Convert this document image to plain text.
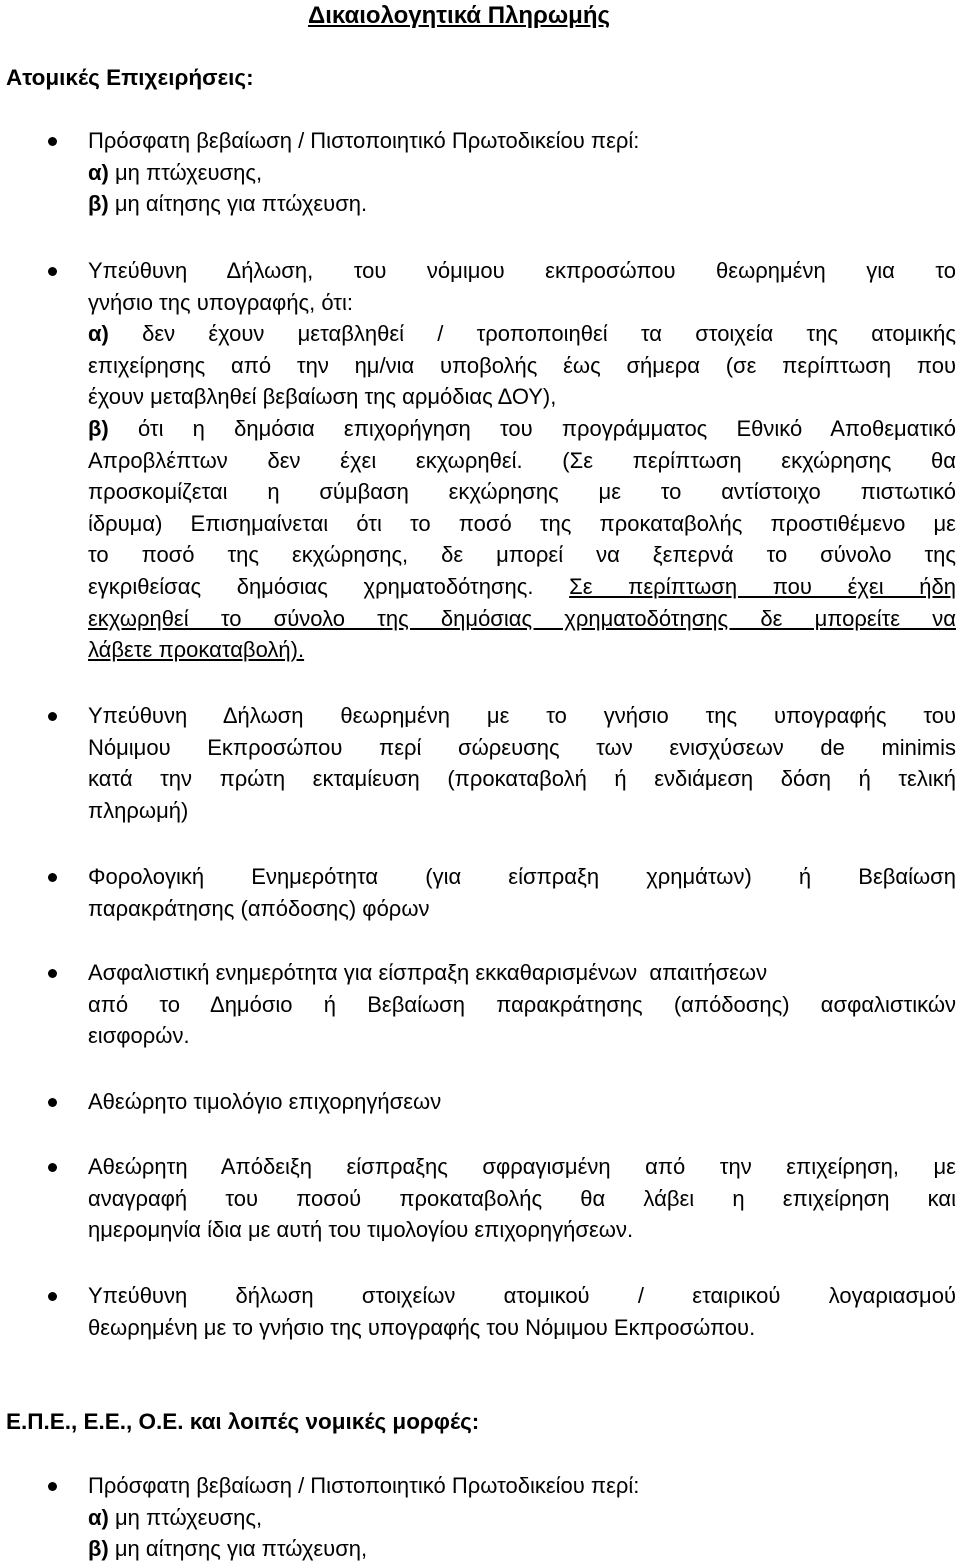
Δικαιολογητικά Πληρωμής
Ατομικές Επιχειρήσεις:
Πρόσφατη βεβαίωση / Πιστοποιητικό Πρωτοδικείου περί:
α) μη πτώχευσης,
β) μη αίτησης για πτώχευση.
Υπεύθυνη Δήλωση, του νόμιμου εκπροσώπου θεωρημένη για το
γνήσιο της υπογραφής, ότι:
α) δεν έχουν μεταβληθεί / τροποποιηθεί τα στοιχεία της ατομικής
επιχείρησης από την ημ/νια υποβολής έως σήμερα (σε περίπτωση που
έχουν μεταβληθεί βεβαίωση της αρμόδιας ΔΟΥ),
β) ότι η δημόσια επιχορήγηση του προγράμματος Εθνικό Αποθεματικό
Απροβλέπτων δεν έχει εκχωρηθεί. (Σε περίπτωση εκχώρησης θα
προσκομίζεται η σύμβαση εκχώρησης με το αντίστοιχο πιστωτικό
ίδρυμα) Επισημαίνεται ότι το ποσό της προκαταβολής προστιθέμενο με
το ποσό της εκχώρησης, δε μπορεί να ξεπερνά το σύνολο της
εγκριθείσας δημόσιας χρηματοδότησης. Σε περίπτωση που έχει ήδη
εκχωρηθεί το σύνολο της δημόσιας χρηματοδότησης δε μπορείτε να
λάβετε προκαταβολή).
Υπεύθυνη Δήλωση θεωρημένη με το γνήσιο της υπογραφής του
Νόμιμου Εκπροσώπου περί σώρευσης των ενισχύσεων de minimis
κατά την πρώτη εκταμίευση (προκαταβολή ή ενδιάμεση δόση ή τελική
πληρωμή)
Φορολογική Ενημερότητα (για είσπραξη χρημάτων) ή Βεβαίωση
παρακράτησης (απόδοσης) φόρων
Ασφαλιστική ενημερότητα για είσπραξη εκκαθαρισμένων  απαιτήσεων
από το Δημόσιο ή Βεβαίωση παρακράτησης (απόδοσης) ασφαλιστικών
εισφορών.
Αθεώρητο τιμολόγιο επιχορηγήσεων
Αθεώρητη Απόδειξη είσπραξης σφραγισμένη από την επιχείρηση, με
αναγραφή του ποσού προκαταβολής θα λάβει η επιχείρηση και
ημερομηνία ίδια με αυτή του τιμολογίου επιχορηγήσεων.
Υπεύθυνη δήλωση στοιχείων ατομικού / εταιρικού λογαριασμού
θεωρημένη με το γνήσιο της υπογραφής του Νόμιμου Εκπροσώπου.
Ε.Π.Ε., Ε.Ε., Ο.Ε. και λοιπές νομικές μορφές:
Πρόσφατη βεβαίωση / Πιστοποιητικό Πρωτοδικείου περί:
α) μη πτώχευσης,
β) μη αίτησης για πτώχευση,
